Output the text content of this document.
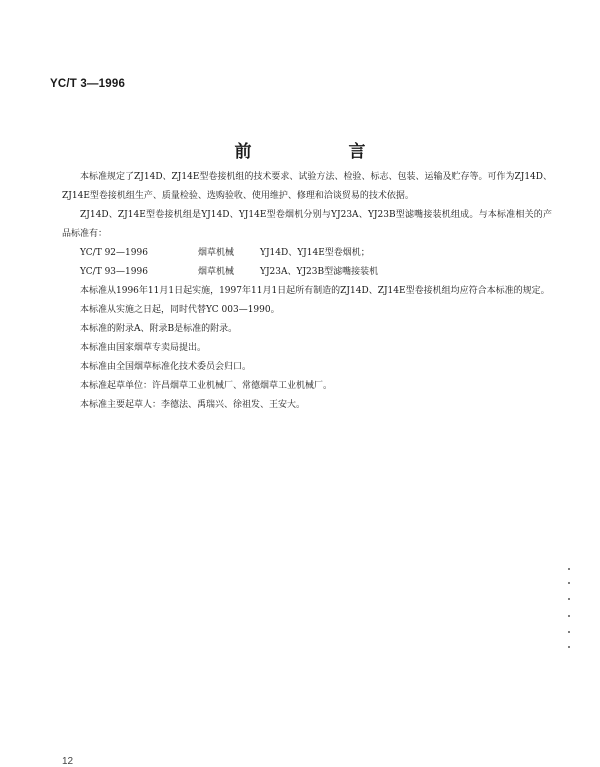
YC/T 3—1996
前　言

本标准规定了ZJ14D、ZJ14E型卷接机组的技术要求、试验方法、检验、标志、包装、运输及贮存等。可作为ZJ14D、ZJ14E型卷接机组生产、质量检验、选购验收、使用维护、修理和洽谈贸易的技术依据。

ZJ14D、ZJ14E型卷接机组是YJ14D、YJ14E型卷烟机分别与YJ23A、YJ23B型滤嘴接装机组成。与本标准相关的产品标准有：

YC/T 92—1996	烟草机械	YJ14D、YJ14E型卷烟机；
YC/T 93—1996	烟草机械	YJ23A、YJ23B型滤嘴接装机

本标准从1996年11月1日起实施，1997年11月1日起所有制造的ZJ14D、ZJ14E型卷接机组均应符合本标准的规定。

本标准从实施之日起，同时代替YC 003—1990。

本标准的附录A、附录B是标准的附录。

本标准由国家烟草专卖局提出。

本标准由全国烟草标准化技术委员会归口。

本标准起草单位：许昌烟草工业机械厂、常德烟草工业机械厂。

本标准主要起草人：李德法、禹瑞兴、徐祖发、王安大。

12
